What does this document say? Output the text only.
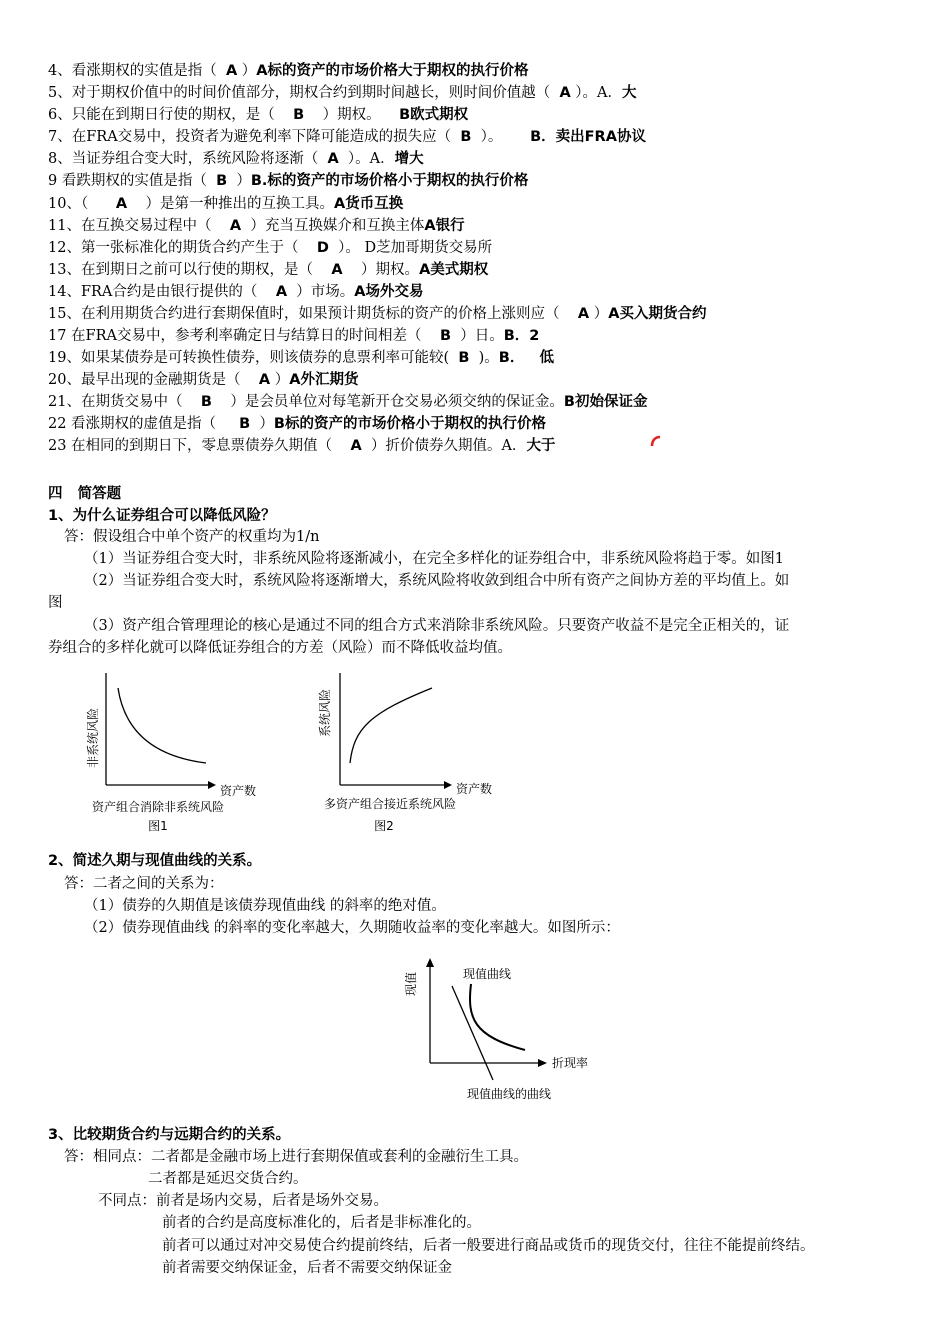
4、看涨期权的实值是指（  A ）A标的资产的市场价格大于期权的执行价格
5、对于期权价值中的时间价值部分，期权合约到期时间越长，则时间价值越（  A ）。A．大
6、只能在到期日行使的期权，是（    B    ）期权。    B欧式期权
7、在FRA交易中，投资者为避免利率下降可能造成的损失应（  B  ）。      B．卖出FRA协议
8、当证券组合变大时，系统风险将逐渐（  A  ）。A．增大
9 看跌期权的实值是指（  B  ）B.标的资产的市场价格小于期权的执行价格
10、（      A    ）是第一种推出的互换工具。A货币互换
11、在互换交易过程中（    A  ）充当互换媒介和互换主体A银行
12、第一张标准化的期货合约产生于（    D  ）。 D芝加哥期货交易所
13、在到期日之前可以行使的期权，是（    A    ）期权。A美式期权
14、FRA合约是由银行提供的（    A  ）市场。A场外交易
15、在利用期货合约进行套期保值时，如果预计期货标的资产的价格上涨则应（    A ）A买入期货合约
17 在FRA交易中，参考利率确定日与结算日的时间相差（    B  ）日。B．2
19、如果某债券是可转换性债券，则该债券的息票利率可能较(  B  )。B．   低
20、最早出现的金融期货是（    A ）A外汇期货
21、在期货交易中（    B    ）是会员单位对每笔新开仓交易必须交纳的保证金。B初始保证金
22 看涨期权的虚值是指（     B  ）B标的资产的市场价格小于期权的执行价格
23 在相同的到期日下，零息票债券久期值（    A  ）折价债券久期值。A．大于
四 简答题
1、为什么证券组合可以降低风险？
答：假设组合中单个资产的权重均为1/n
（1）当证券组合变大时，非系统风险将逐渐减小，在完全多样化的证券组合中，非系统风险将趋于零。如图1
（2）当证券组合变大时，系统风险将逐渐增大，系统风险将收敛到组合中所有资产之间协方差的平均值上。如
图
（3）资产组合管理理论的核心是通过不同的组合方式来消除非系统风险。只要资产收益不是完全正相关的，证
券组合的多样化就可以降低证券组合的方差（风险）而不降低收益均值。
非系统风险
资产数
资产组合消除非系统风险
图1
系统风险
资产数
多资产组合接近系统风险
图2
2、简述久期与现值曲线的关系。
答：二者之间的关系为：
（1）债券的久期值是该债券现值曲线 的斜率的绝对值。
（2）债券现值曲线 的斜率的变化率越大，久期随收益率的变化率越大。如图所示：
现值	现值曲线
折现率
现值曲线的曲线
3、比较期货合约与远期合约的关系。
答：相同点：二者都是金融市场上进行套期保值或套利的金融衍生工具。
二者都是延迟交货合约。
不同点：前者是场内交易，后者是场外交易。
前者的合约是高度标准化的，后者是非标准化的。
前者可以通过对冲交易使合约提前终结，后者一般要进行商品或货币的现货交付，往往不能提前终结。
前者需要交纳保证金，后者不需要交纳保证金
